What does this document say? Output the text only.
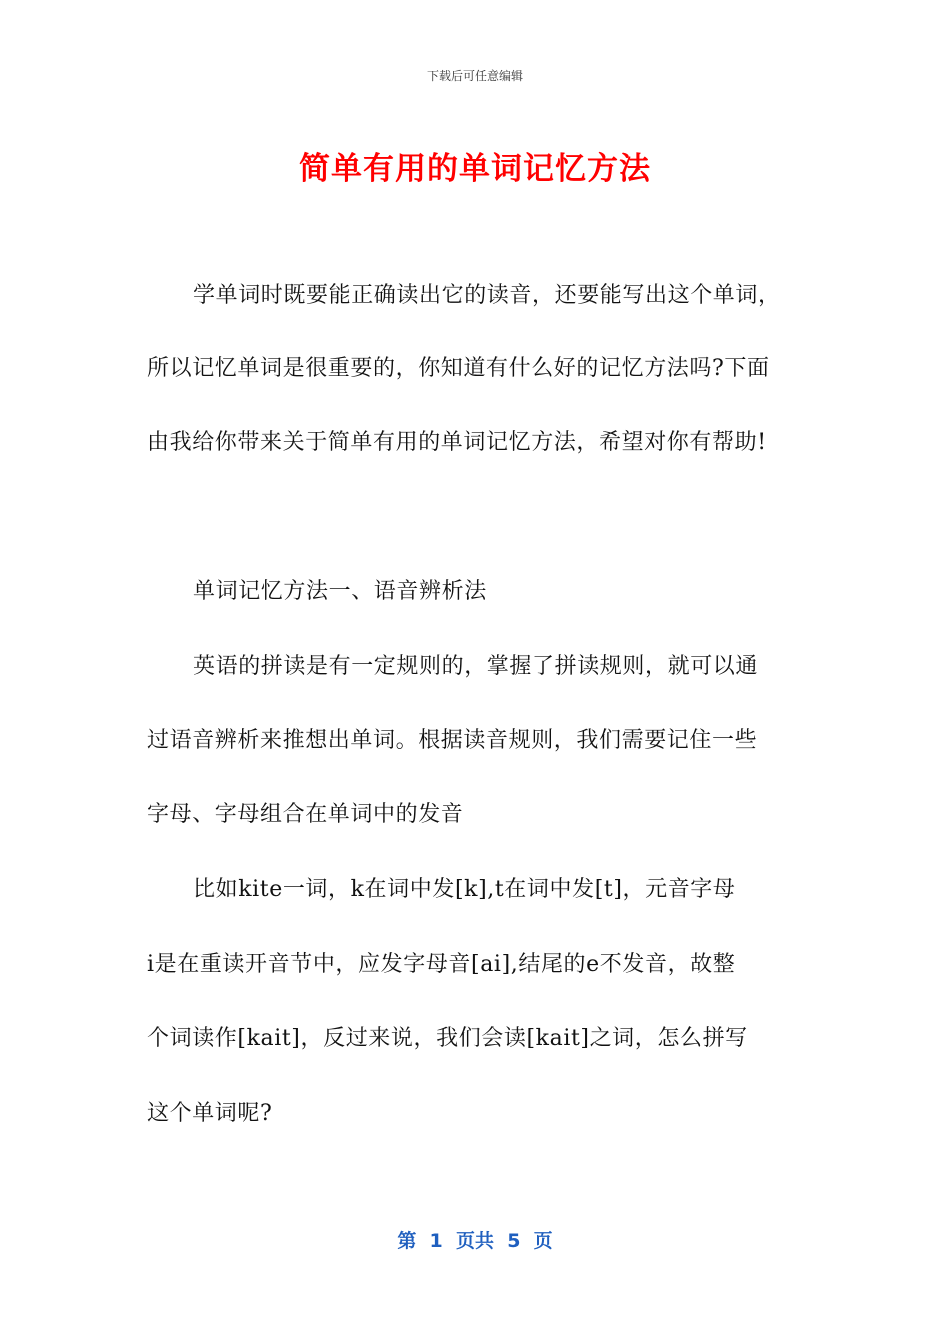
下载后可任意编辑
简单有用的单词记忆方法
学单词时既要能正确读出它的读音，还要能写出这个单词，
所以记忆单词是很重要的，你知道有什么好的记忆方法吗?下面
由我给你带来关于简单有用的单词记忆方法，希望对你有帮助!
单词记忆方法一、语音辨析法
英语的拼读是有一定规则的，掌握了拼读规则，就可以通
过语音辨析来推想出单词。根据读音规则，我们需要记住一些
字母、字母组合在单词中的发音
比如kite一词，k在词中发[k],t在词中发[t]，元音字母
i是在重读开音节中，应发字母音[ai],结尾的e不发音，故整
个词读作[kait]，反过来说，我们会读[kait]之词，怎么拼写
这个单词呢?
第  1  页共  5  页
